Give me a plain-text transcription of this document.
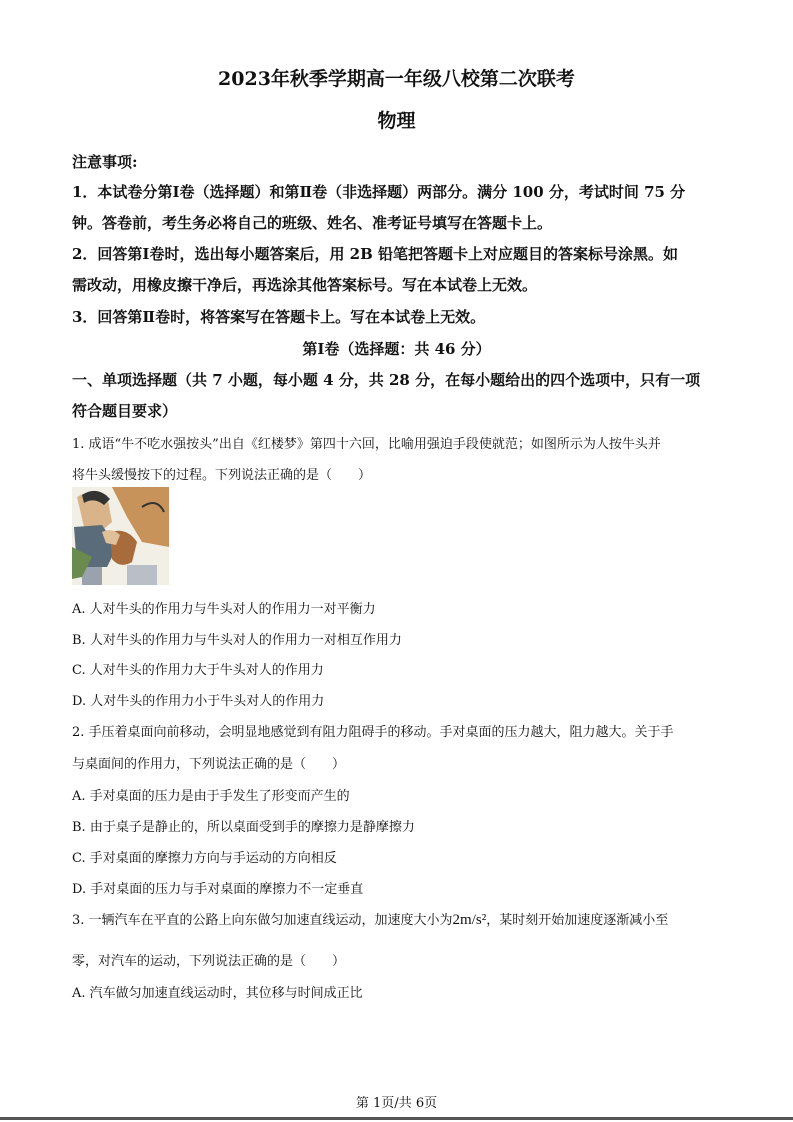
2023年秋季学期高一年级八校第二次联考
物理
注意事项:
1．本试卷分第Ⅰ卷（选择题）和第Ⅱ卷（非选择题）两部分。满分 100 分，考试时间 75 分
钟。答卷前，考生务必将自己的班级、姓名、准考证号填写在答题卡上。
2．回答第Ⅰ卷时，选出每小题答案后，用 2B 铅笔把答题卡上对应题目的答案标号涂黑。如
需改动，用橡皮擦干净后，再选涂其他答案标号。写在本试卷上无效。
3．回答第Ⅱ卷时，将答案写在答题卡上。写在本试卷上无效。
第Ⅰ卷（选择题：共 46 分）
一、单项选择题（共 7 小题，每小题 4 分，共 28 分，在每小题给出的四个选项中，只有一项
符合题目要求）
1. 成语“牛不吃水强按头”出自《红楼梦》第四十六回，比喻用强迫手段使就范；如图所示为人按牛头并
将牛头缓慢按下的过程。下列说法正确的是（　　）
A. 人对牛头的作用力与牛头对人的作用力一对平衡力
B. 人对牛头的作用力与牛头对人的作用力一对相互作用力
C. 人对牛头的作用力大于牛头对人的作用力
D. 人对牛头的作用力小于牛头对人的作用力
2. 手压着桌面向前移动，会明显地感觉到有阻力阻碍手的移动。手对桌面的压力越大，阻力越大。关于手
与桌面间的作用力，下列说法正确的是（　　）
A. 手对桌面的压力是由于手发生了形变而产生的
B. 由于桌子是静止的，所以桌面受到手的摩擦力是静摩擦力
C. 手对桌面的摩擦力方向与手运动的方向相反
D. 手对桌面的压力与手对桌面的摩擦力不一定垂直
3. 一辆汽车在平直的公路上向东做匀加速直线运动，加速度大小为2m/s²，某时刻开始加速度逐渐减小至
零，对汽车的运动，下列说法正确的是（　　）
A. 汽车做匀加速直线运动时，其位移与时间成正比
第 1页/共 6页
